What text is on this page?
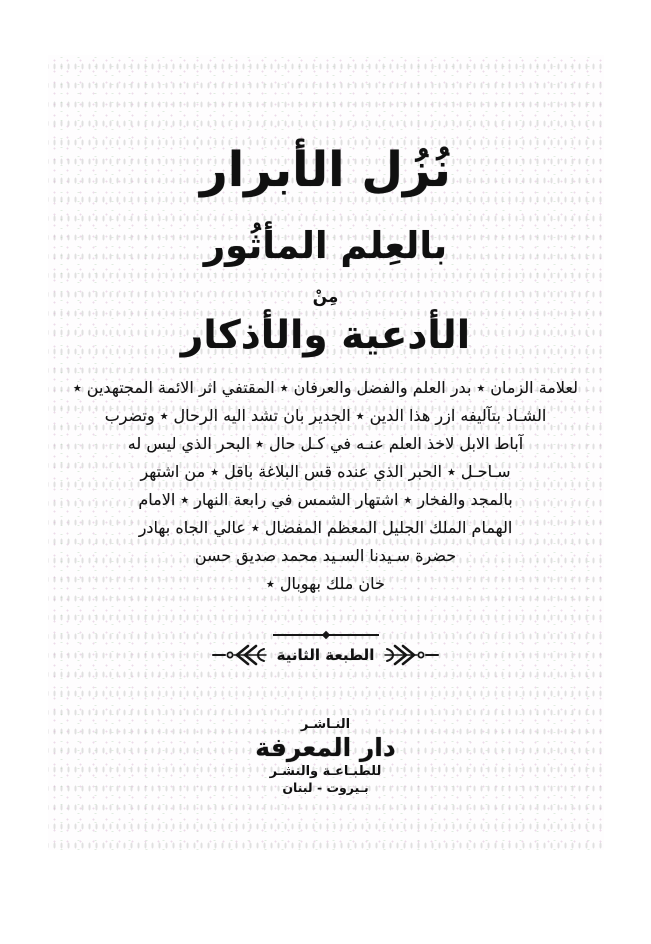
نُزُل الأبرار
بالعِلم المأثُور
مِنْ
الأدعية والأذكار
لعلامة الزمان ٭ بدر العلم والفضل والعرفان ٭ المقتفي اثر الائمة المجتهدين ٭
الشـاد بتآليفه ازر هذا الدين ٭ الجدير بان تشد اليه الرحال ٭ وتضرب
آباط الابل لاخذ العلم عنـه في كـل حال ٭ البحر الذي ليس له
سـاحـل ٭ الحبر الذي عنده قس البلاغة باقل ٭ من اشتهر
بالمجد والفخار ٭ اشتهار الشمس في رابعة النهار ٭ الامام
الهمام الملك الجليل المعظم المفضال ٭ عالي الجاه بهادر
حضرة سـيدنا السـيد محمد صديق حسن
خان ملك بهوبال ٭
الطبعة الثانية
النـاشـر
دار المعرفة
للطبـاعـة والنشـر
بـيروت - لبنان
